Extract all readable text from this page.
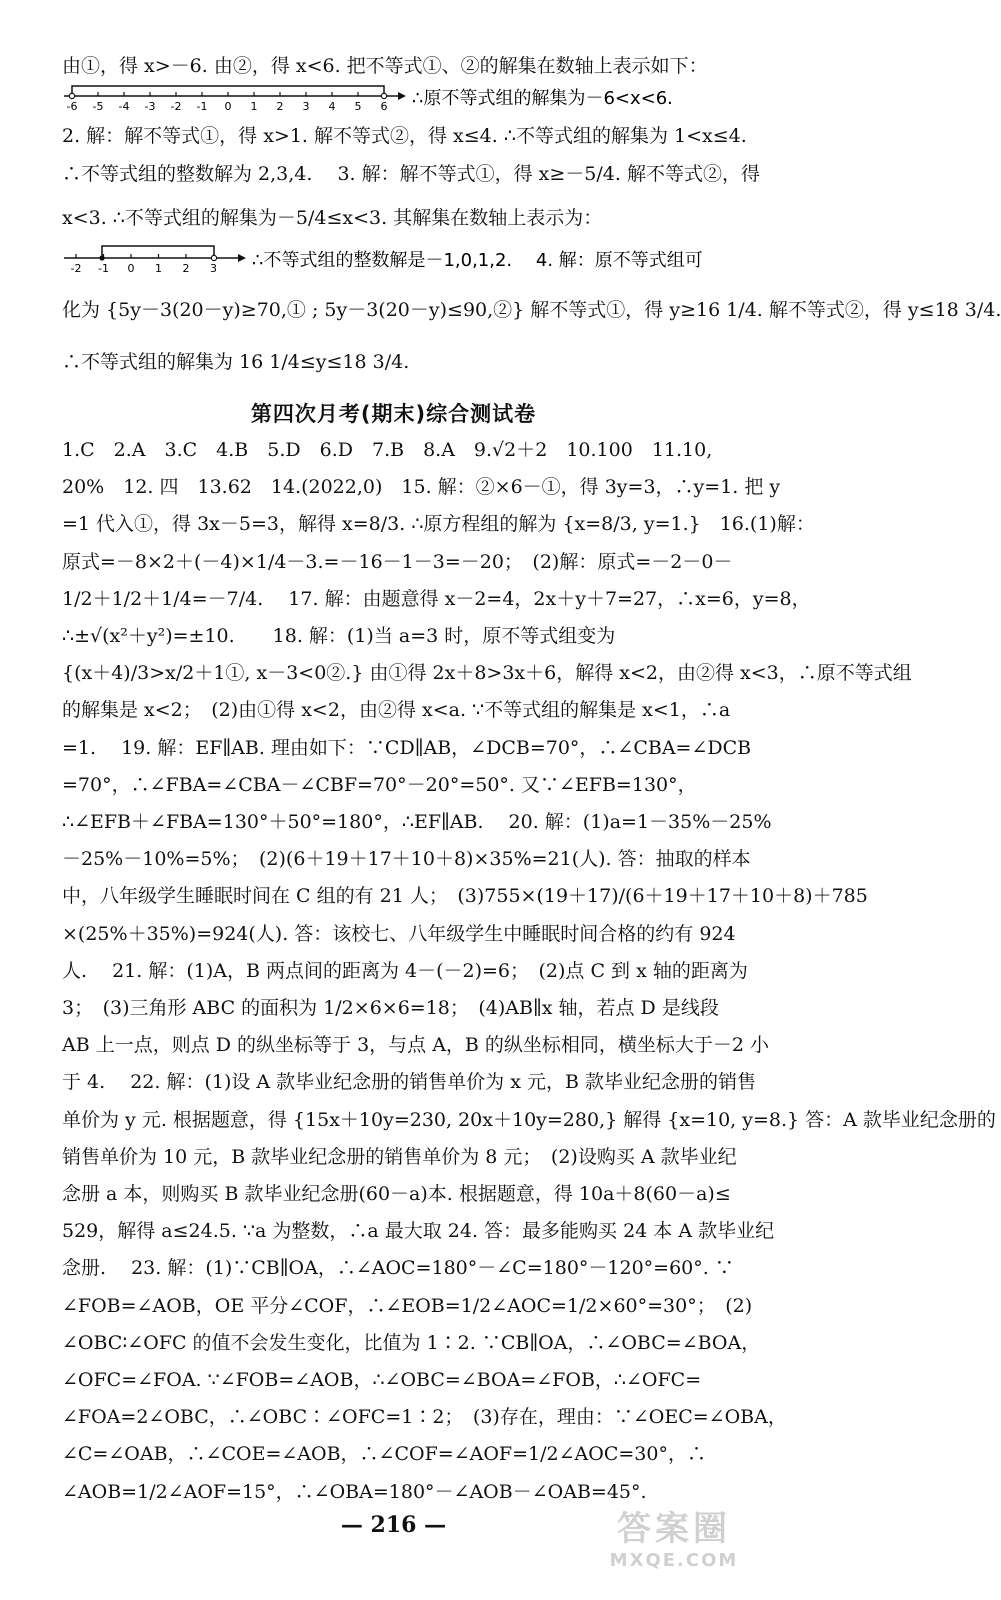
由①，得 x>－6. 由②，得 x<6. 把不等式①、②的解集在数轴上表示如下：
-6 -5 -4 -3 -2 -1 0 1 2 3 4 5 6 ∴原不等式组的解集为－6<x<6.
2. 解：解不等式①，得 x>1. 解不等式②，得 x≤4. ∴不等式组的解集为 1<x≤4.
∴不等式组的整数解为 2,3,4.　 3. 解：解不等式①，得 x≥－5/4. 解不等式②，得
x<3. ∴不等式组的解集为－5/4≤x<3. 其解集在数轴上表示为：
-2 -1 0 1 2 3 ∴不等式组的整数解是－1,0,1,2.　 4. 解：原不等式组可
化为 {5y－3(20－y)≥70,① ; 5y－3(20－y)≤90,②} 解不等式①，得 y≥16 1/4. 解不等式②，得 y≤18 3/4.
∴不等式组的解集为 16 1/4≤y≤18 3/4.
第四次月考(期末)综合测试卷
1.C　2.A　3.C　4.B　5.D　6.D　7.B　8.A　9.√2＋2　10.100　11.10,
20%　12. 四　13.62　14.(2022,0)　15. 解：②×6－①，得 3y=3，∴y=1. 把 y
=1 代入①，得 3x－5=3，解得 x=8/3. ∴原方程组的解为 {x=8/3, y=1.}　16.(1)解：
原式=－8×2＋(－4)×1/4－3.=－16－1－3=－20；　(2)解：原式=－2－0－
1/2＋1/2＋1/4=－7/4.　 17. 解：由题意得 x－2=4，2x＋y＋7=27，∴x=6，y=8，
∴±√(x²＋y²)=±10.　　18. 解：(1)当 a=3 时，原不等式组变为
{(x＋4)/3>x/2＋1①, x－3<0②.} 由①得 2x＋8>3x＋6，解得 x<2，由②得 x<3，∴原不等式组
的解集是 x<2；　(2)由①得 x<2，由②得 x<a. ∵不等式组的解集是 x<1，∴a
=1.　 19. 解：EF∥AB. 理由如下：∵CD∥AB，∠DCB=70°，∴∠CBA=∠DCB
=70°，∴∠FBA=∠CBA－∠CBF=70°－20°=50°. 又∵∠EFB=130°，
∴∠EFB＋∠FBA=130°＋50°=180°，∴EF∥AB.　 20. 解：(1)a=1－35%－25%
－25%－10%=5%；　(2)(6＋19＋17＋10＋8)×35%=21(人). 答：抽取的样本
中，八年级学生睡眠时间在 C 组的有 21 人；　(3)755×(19＋17)/(6＋19＋17＋10＋8)＋785
×(25%＋35%)=924(人). 答：该校七、八年级学生中睡眠时间合格的约有 924
人.　 21. 解：(1)A，B 两点间的距离为 4－(－2)=6；　(2)点 C 到 x 轴的距离为
3；　(3)三角形 ABC 的面积为 1/2×6×6=18；　(4)AB∥x 轴，若点 D 是线段
AB 上一点，则点 D 的纵坐标等于 3，与点 A，B 的纵坐标相同，横坐标大于－2 小
于 4.　 22. 解：(1)设 A 款毕业纪念册的销售单价为 x 元，B 款毕业纪念册的销售
单价为 y 元. 根据题意，得 {15x＋10y=230, 20x＋10y=280,} 解得 {x=10, y=8.} 答：A 款毕业纪念册的
销售单价为 10 元，B 款毕业纪念册的销售单价为 8 元；　(2)设购买 A 款毕业纪
念册 a 本，则购买 B 款毕业纪念册(60－a)本. 根据题意，得 10a＋8(60－a)≤
529，解得 a≤24.5. ∵a 为整数，∴a 最大取 24. 答：最多能购买 24 本 A 款毕业纪
念册.　 23. 解：(1)∵CB∥OA，∴∠AOC=180°－∠C=180°－120°=60°. ∵
∠FOB=∠AOB，OE 平分∠COF，∴∠EOB=1/2∠AOC=1/2×60°=30°；　(2)
∠OBC∶∠OFC 的值不会发生变化，比值为 1∶2. ∵CB∥OA，∴∠OBC=∠BOA，
∠OFC=∠FOA. ∵∠FOB=∠AOB，∴∠OBC=∠BOA=∠FOB，∴∠OFC=
∠FOA=2∠OBC，∴∠OBC∶∠OFC=1∶2；　(3)存在，理由：∵∠OEC=∠OBA，
∠C=∠OAB，∴∠COE=∠AOB，∴∠COF=∠AOF=1/2∠AOC=30°，∴
∠AOB=1/2∠AOF=15°，∴∠OBA=180°－∠AOB－∠OAB=45°.
— 216 —	答案圈
MXQE.COM
